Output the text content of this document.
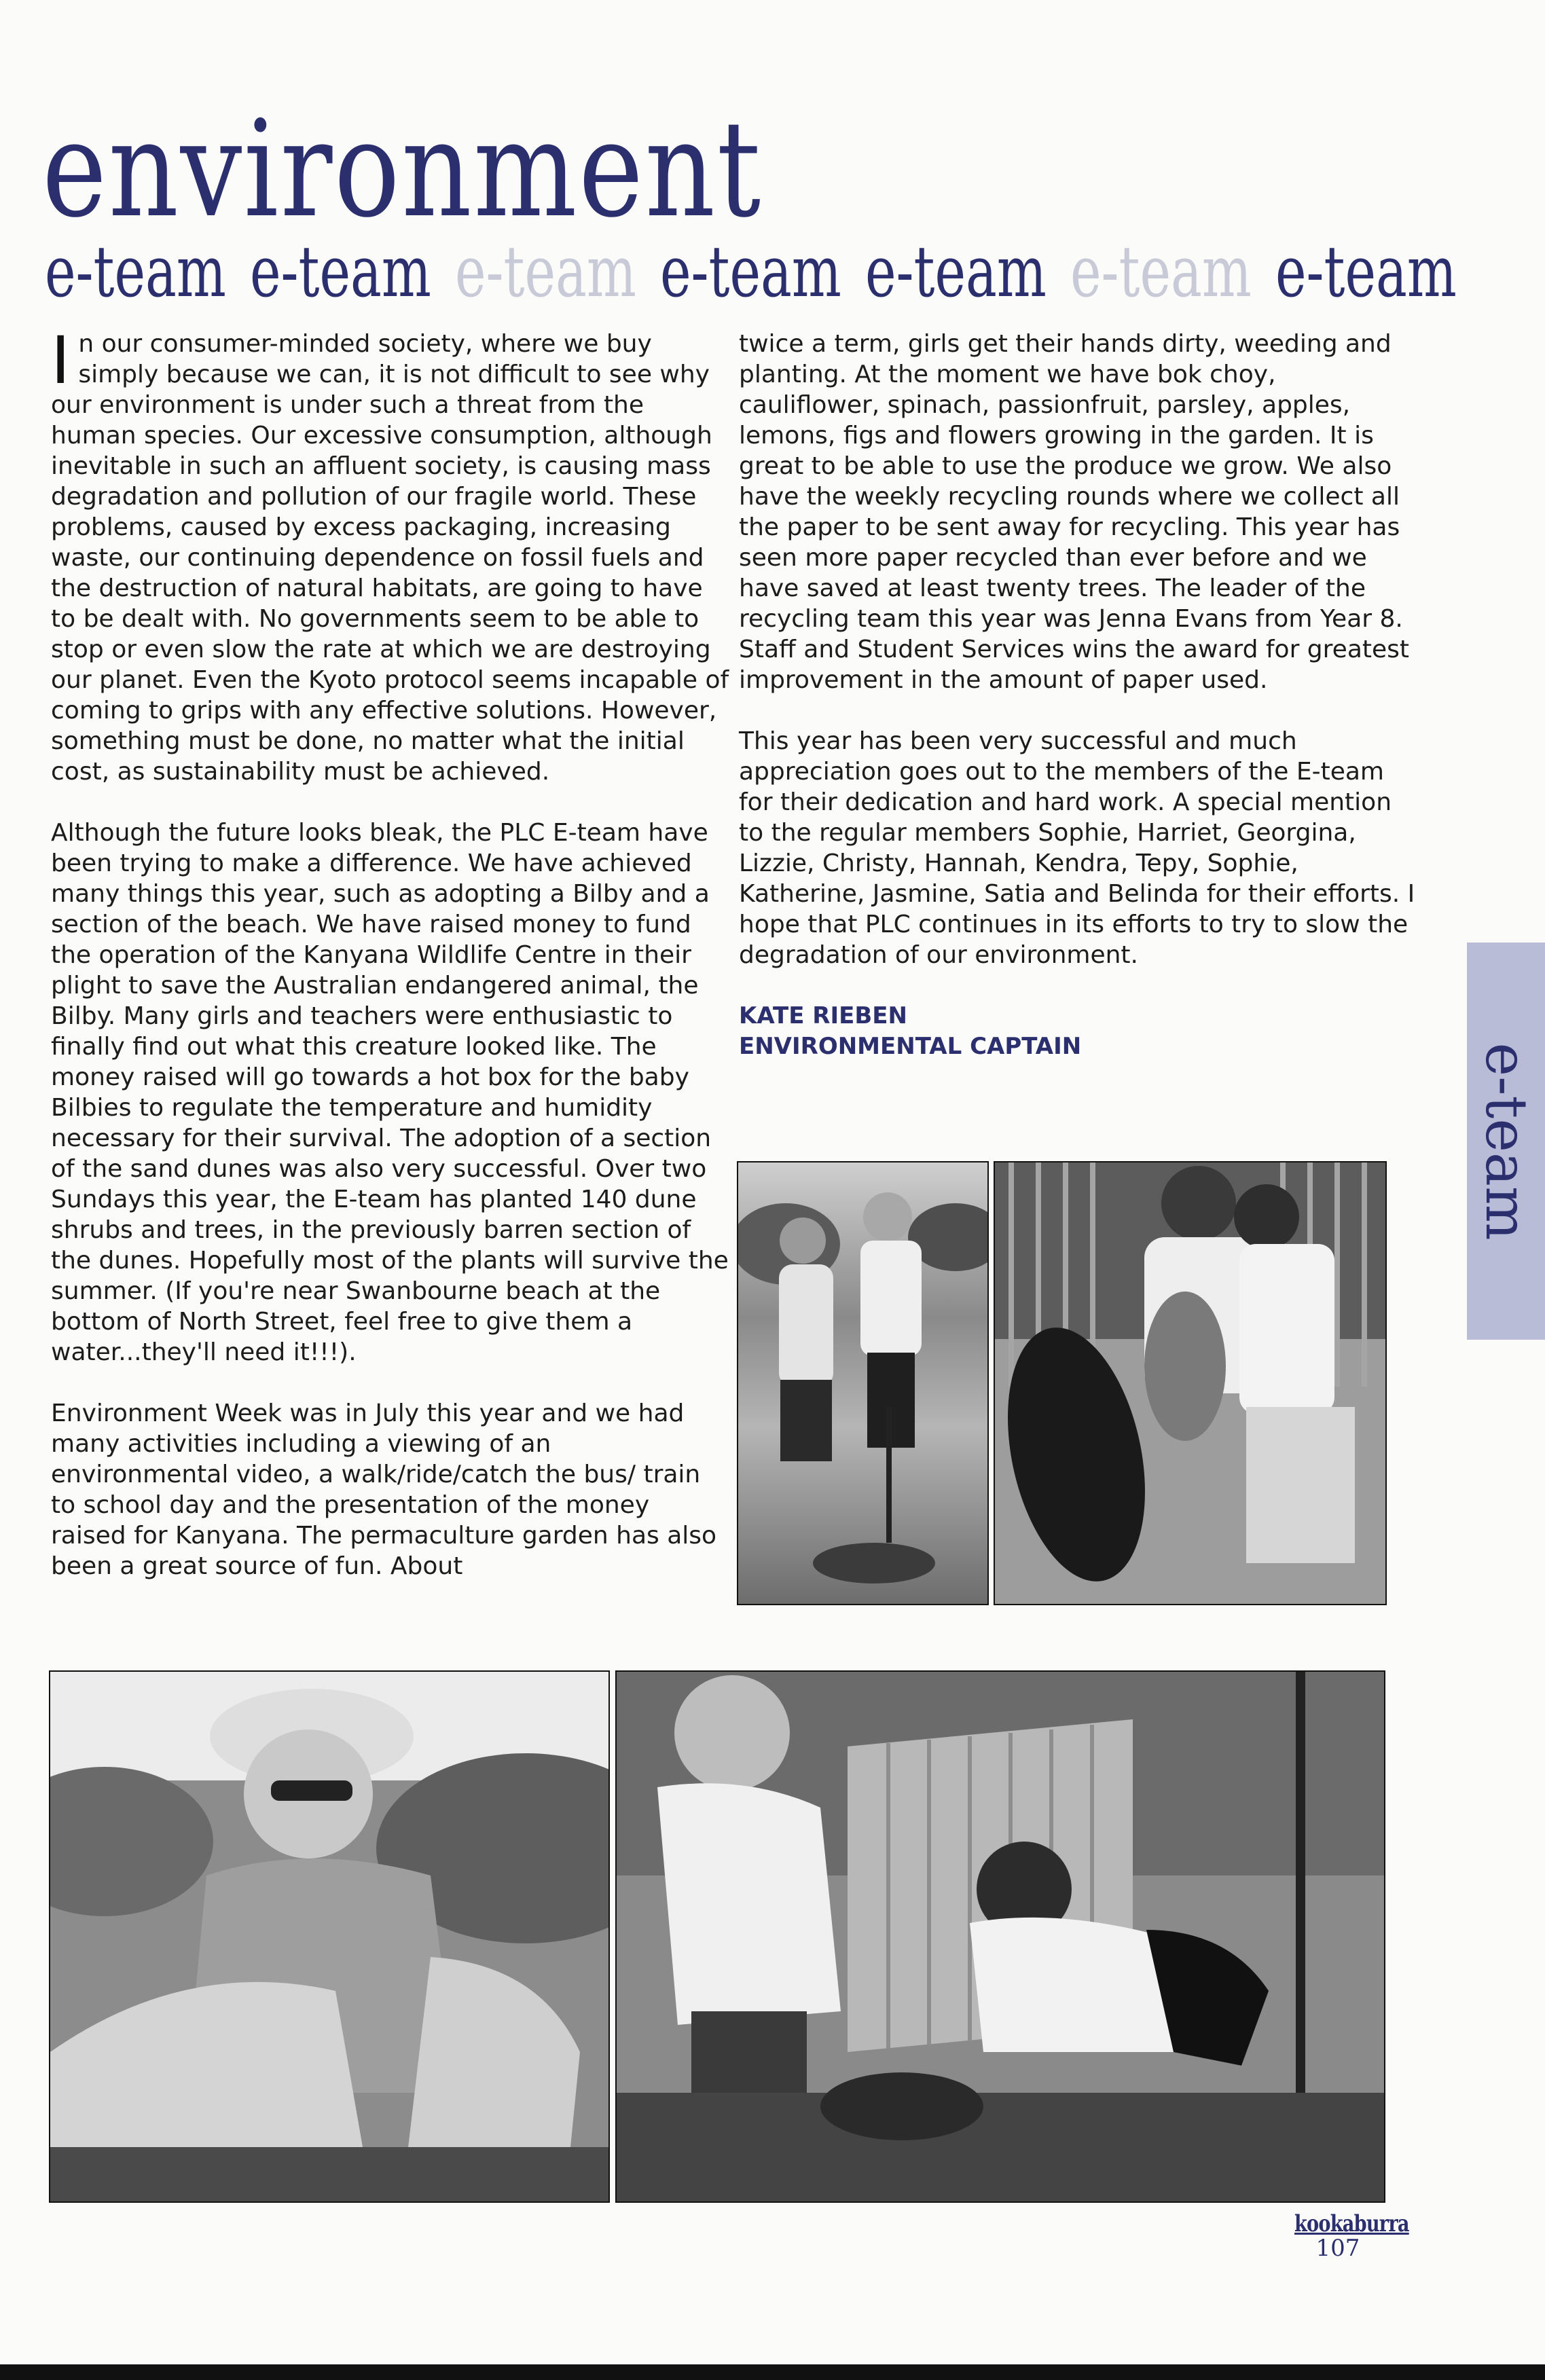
environment
e-team e-team e-team e-team e-team e-team e-team

In our consumer-minded society, where we buy simply because we can, it is not difficult to see why our environment is under such a threat from the human species. Our excessive consumption, although inevitable in such an affluent society, is causing mass degradation and pollution of our fragile world. These problems, caused by excess packaging, increasing waste, our continuing dependence on fossil fuels and the destruction of natural habitats, are going to have to be dealt with. No governments seem to be able to stop or even slow the rate at which we are destroying our planet. Even the Kyoto protocol seems incapable of coming to grips with any effective solutions. However, something must be done, no matter what the initial cost, as sustainability must be achieved.

Although the future looks bleak, the PLC E-team have been trying to make a difference. We have achieved many things this year, such as adopting a Bilby and a section of the beach. We have raised money to fund the operation of the Kanyana Wildlife Centre in their plight to save the Australian endangered animal, the Bilby. Many girls and teachers were enthusiastic to finally find out what this creature looked like. The money raised will go towards a hot box for the baby Bilbies to regulate the temperature and humidity necessary for their survival. The adoption of a section of the sand dunes was also very successful. Over two Sundays this year, the E-team has planted 140 dune shrubs and trees, in the previously barren section of the dunes. Hopefully most of the plants will survive the summer. (If you're near Swanbourne beach at the bottom of North Street, feel free to give them a water...they'll need it!!!).

Environment Week was in July this year and we had many activities including a viewing of an environmental video, a walk/ride/catch the bus/ train to school day and the presentation of the money raised for Kanyana. The permaculture garden has also been a great source of fun. About

twice a term, girls get their hands dirty, weeding and planting. At the moment we have bok choy, cauliflower, spinach, passionfruit, parsley, apples, lemons, figs and flowers growing in the garden. It is great to be able to use the produce we grow. We also have the weekly recycling rounds where we collect all the paper to be sent away for recycling. This year has seen more paper recycled than ever before and we have saved at least twenty trees. The leader of the recycling team this year was Jenna Evans from Year 8. Staff and Student Services wins the award for greatest improvement in the amount of paper used.

This year has been very successful and much appreciation goes out to the members of the E-team for their dedication and hard work. A special mention to the regular members Sophie, Harriet, Georgina, Lizzie, Christy, Hannah, Kendra, Tepy, Sophie, Katherine, Jasmine, Satia and Belinda for their efforts. I hope that PLC continues in its efforts to try to slow the degradation of our environment.

KATE RIEBEN
ENVIRONMENTAL CAPTAIN	e-team
kookaburra
107
